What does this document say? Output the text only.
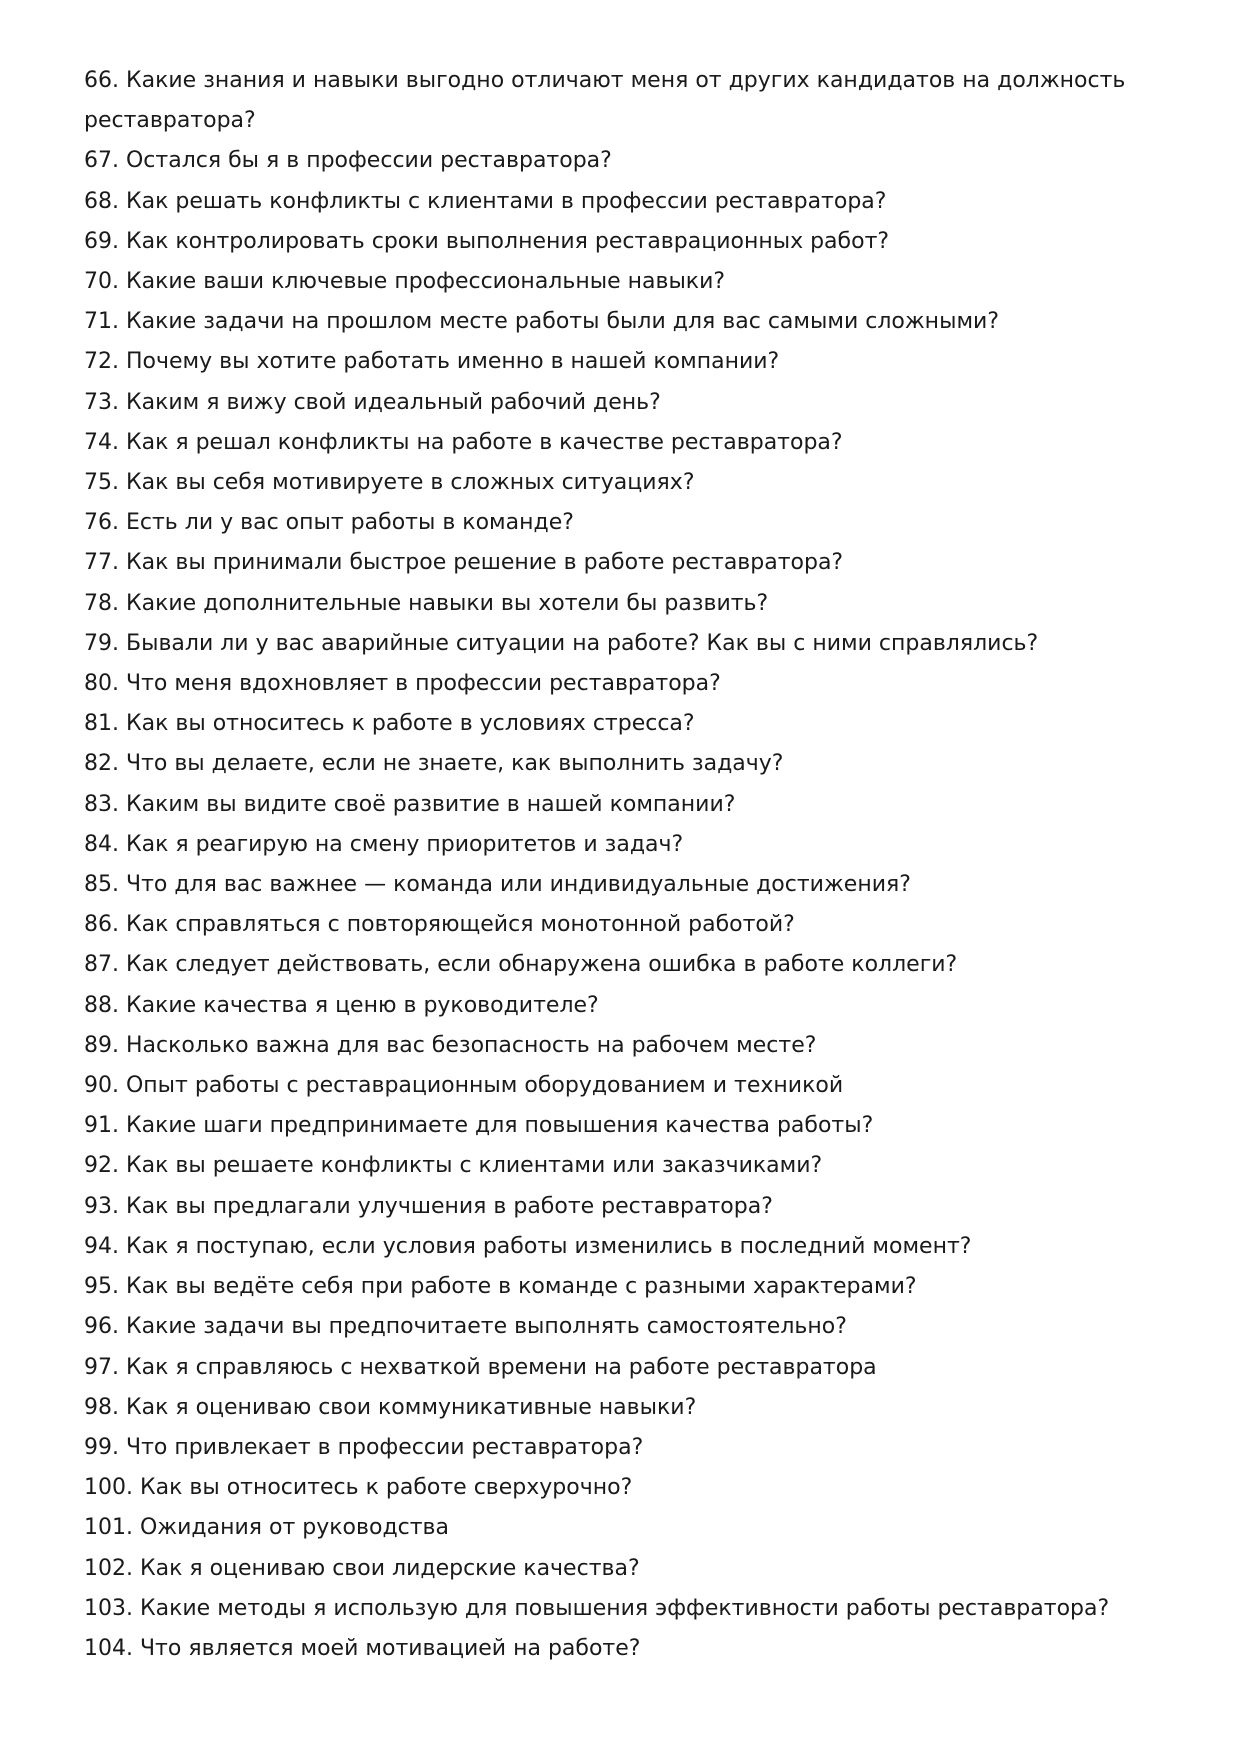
66. Какие знания и навыки выгодно отличают меня от других кандидатов на должность реставратора?
67. Остался бы я в профессии реставратора?
68. Как решать конфликты с клиентами в профессии реставратора?
69. Как контролировать сроки выполнения реставрационных работ?
70. Какие ваши ключевые профессиональные навыки?
71. Какие задачи на прошлом месте работы были для вас самыми сложными?
72. Почему вы хотите работать именно в нашей компании?
73. Каким я вижу свой идеальный рабочий день?
74. Как я решал конфликты на работе в качестве реставратора?
75. Как вы себя мотивируете в сложных ситуациях?
76. Есть ли у вас опыт работы в команде?
77. Как вы принимали быстрое решение в работе реставратора?
78. Какие дополнительные навыки вы хотели бы развить?
79. Бывали ли у вас аварийные ситуации на работе? Как вы с ними справлялись?
80. Что меня вдохновляет в профессии реставратора?
81. Как вы относитесь к работе в условиях стресса?
82. Что вы делаете, если не знаете, как выполнить задачу?
83. Каким вы видите своё развитие в нашей компании?
84. Как я реагирую на смену приоритетов и задач?
85. Что для вас важнее — команда или индивидуальные достижения?
86. Как справляться с повторяющейся монотонной работой?
87. Как следует действовать, если обнаружена ошибка в работе коллеги?
88. Какие качества я ценю в руководителе?
89. Насколько важна для вас безопасность на рабочем месте?
90. Опыт работы с реставрационным оборудованием и техникой
91. Какие шаги предпринимаете для повышения качества работы?
92. Как вы решаете конфликты с клиентами или заказчиками?
93. Как вы предлагали улучшения в работе реставратора?
94. Как я поступаю, если условия работы изменились в последний момент?
95. Как вы ведёте себя при работе в команде с разными характерами?
96. Какие задачи вы предпочитаете выполнять самостоятельно?
97. Как я справляюсь с нехваткой времени на работе реставратора
98. Как я оцениваю свои коммуникативные навыки?
99. Что привлекает в профессии реставратора?
100. Как вы относитесь к работе сверхурочно?
101. Ожидания от руководства
102. Как я оцениваю свои лидерские качества?
103. Какие методы я использую для повышения эффективности работы реставратора?
104. Что является моей мотивацией на работе?
